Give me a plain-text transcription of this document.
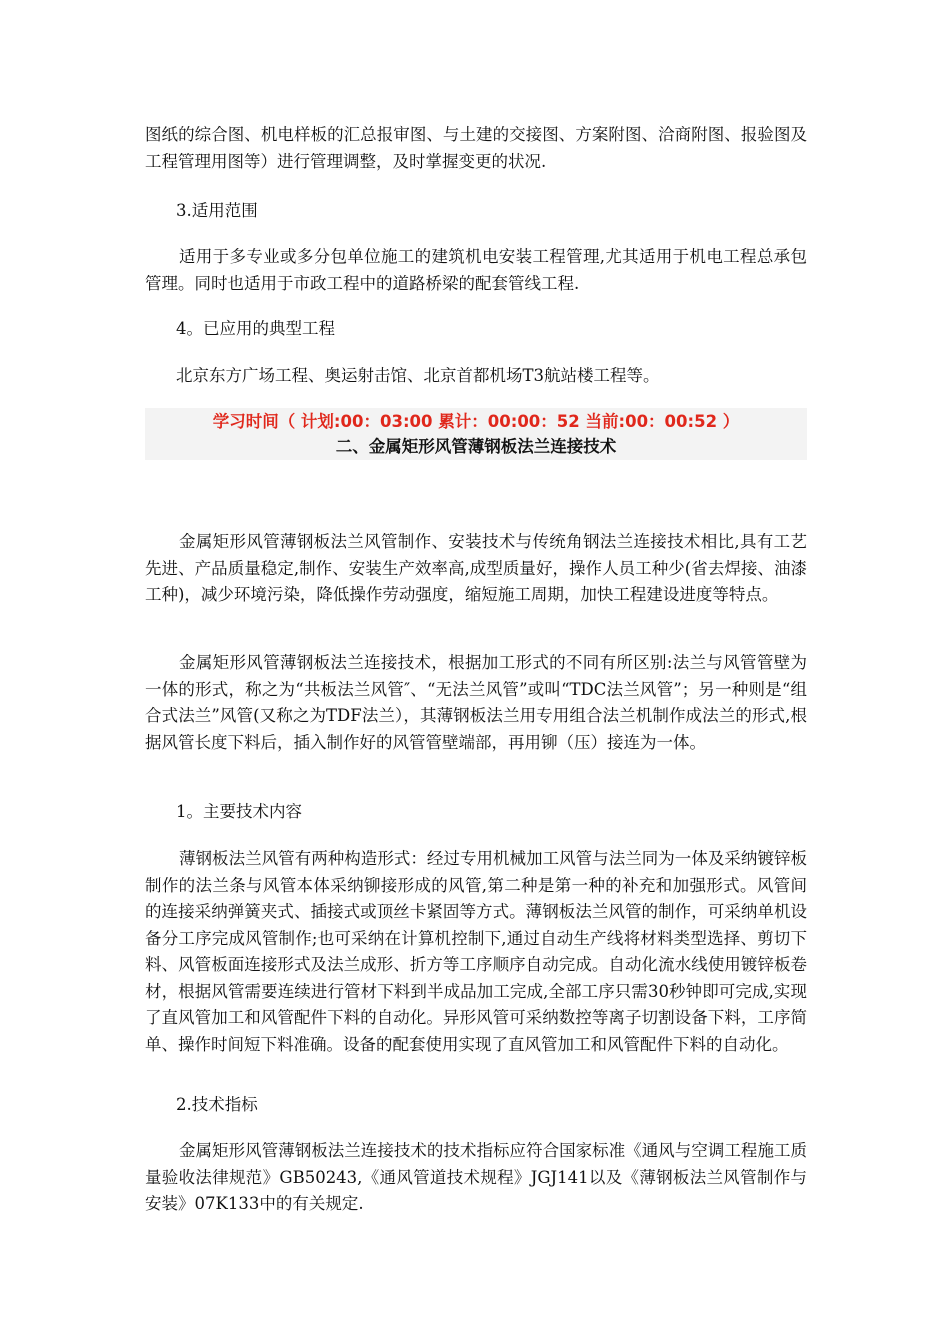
图纸的综合图、机电样板的汇总报审图、与土建的交接图、方案附图、洽商附图、报验图及工程管理用图等）进行管理调整，及时掌握变更的状况.

3.适用范围

适用于多专业或多分包单位施工的建筑机电安装工程管理,尤其适用于机电工程总承包管理。同时也适用于市政工程中的道路桥梁的配套管线工程.

4。已应用的典型工程

北京东方广场工程、奥运射击馆、北京首都机场T3航站楼工程等。

学习时间（ 计划:00：03:00 累计：00:00：52 当前:00：00:52 ）
二、金属矩形风管薄钢板法兰连接技术

金属矩形风管薄钢板法兰风管制作、安装技术与传统角钢法兰连接技术相比,具有工艺先进、产品质量稳定,制作、安装生产效率高,成型质量好，操作人员工种少(省去焊接、油漆工种)，减少环境污染，降低操作劳动强度，缩短施工周期，加快工程建设进度等特点。

金属矩形风管薄钢板法兰连接技术，根据加工形式的不同有所区别:法兰与风管管壁为一体的形式，称之为“共板法兰风管″、“无法兰风管”或叫“TDC法兰风管”；另一种则是“组合式法兰”风管(又称之为TDF法兰），其薄钢板法兰用专用组合法兰机制作成法兰的形式,根据风管长度下料后，插入制作好的风管管壁端部，再用铆（压）接连为一体。

1。主要技术内容

薄钢板法兰风管有两种构造形式：经过专用机械加工风管与法兰同为一体及采纳镀锌板制作的法兰条与风管本体采纳铆接形成的风管,第二种是第一种的补充和加强形式。风管间的连接采纳弹簧夹式、插接式或顶丝卡紧固等方式。薄钢板法兰风管的制作，可采纳单机设备分工序完成风管制作;也可采纳在计算机控制下,通过自动生产线将材料类型选择、剪切下料、风管板面连接形式及法兰成形、折方等工序顺序自动完成。自动化流水线使用镀锌板卷材，根据风管需要连续进行管材下料到半成品加工完成,全部工序只需30秒钟即可完成,实现了直风管加工和风管配件下料的自动化。异形风管可采纳数控等离子切割设备下料，工序简单、操作时间短下料准确。设备的配套使用实现了直风管加工和风管配件下料的自动化。

2.技术指标

金属矩形风管薄钢板法兰连接技术的技术指标应符合国家标准《通风与空调工程施工质量验收法律规范》GB50243,《通风管道技术规程》JGJ141以及《薄钢板法兰风管制作与安装》07K133中的有关规定.
